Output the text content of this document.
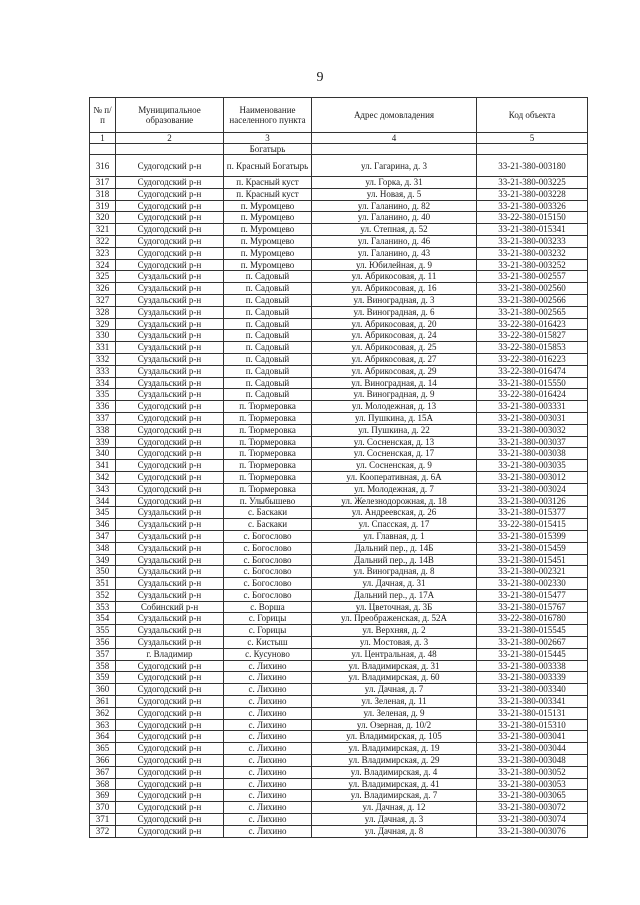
9
№ п/п	Муниципальное образование	Наименование населенного пункта	Адрес домовладения	Код объекта
1	2	3	4	5
		Богатырь		
316	Судогодский р-н	п. Красный Богатырь	ул. Гагарина, д. 3	33-21-380-003180
317	Судогодский р-н	п. Красный куст	ул. Горка, д. 31	33-21-380-003225
318	Судогодский р-н	п. Красный куст	ул. Новая, д. 5	33-21-380-003228
319	Судогодский р-н	п. Муромцево	ул. Галанино, д. 82	33-21-380-003326
320	Судогодский р-н	п. Муромцево	ул. Галанино, д. 40	33-22-380-015150
321	Судогодский р-н	п. Муромцево	ул. Степная, д. 52	33-21-380-015341
322	Судогодский р-н	п. Муромцево	ул. Галанино, д. 46	33-21-380-003233
323	Судогодский р-н	п. Муромцево	ул. Галанино, д. 43	33-21-380-003232
324	Судогодский р-н	п. Муромцево	ул. Юбилейная, д. 9	33-21-380-003252
325	Суздальский р-н	п. Садовый	ул. Абрикосовая, д. 11	33-21-380-002557
326	Суздальский р-н	п. Садовый	ул. Абрикосовая, д. 16	33-21-380-002560
327	Суздальский р-н	п. Садовый	ул. Виноградная, д. 3	33-21-380-002566
328	Суздальский р-н	п. Садовый	ул. Виноградная, д. 6	33-21-380-002565
329	Суздальский р-н	п. Садовый	ул. Абрикосовая, д. 20	33-22-380-016423
330	Суздальский р-н	п. Садовый	ул. Абрикосовая, д. 24	33-22-380-015827
331	Суздальский р-н	п. Садовый	ул. Абрикосовая, д. 25	33-22-380-015853
332	Суздальский р-н	п. Садовый	ул. Абрикосовая, д. 27	33-22-380-016223
333	Суздальский р-н	п. Садовый	ул. Абрикосовая, д. 29	33-22-380-016474
334	Суздальский р-н	п. Садовый	ул. Виноградная, д. 14	33-21-380-015550
335	Суздальский р-н	п. Садовый	ул. Виноградная, д. 9	33-22-380-016424
336	Судогодский р-н	п. Тюрмеровка	ул. Молодежная, д. 13	33-21-380-003331
337	Судогодский р-н	п. Тюрмеровка	ул. Пушкина, д. 15А	33-21-380-003031
338	Судогодский р-н	п. Тюрмеровка	ул. Пушкина, д. 22	33-21-380-003032
339	Судогодский р-н	п. Тюрмеровка	ул. Сосненская, д. 13	33-21-380-003037
340	Судогодский р-н	п. Тюрмеровка	ул. Сосненская, д. 17	33-21-380-003038
341	Судогодский р-н	п. Тюрмеровка	ул. Сосненская, д. 9	33-21-380-003035
342	Судогодский р-н	п. Тюрмеровка	ул. Кооперативная, д. 6А	33-21-380-003012
343	Судогодский р-н	п. Тюрмеровка	ул. Молодежная, д. 7	33-21-380-003024
344	Судогодский р-н	п. Улыбышево	ул. Железнодорожная, д. 18	33-21-380-003126
345	Суздальский р-н	с. Баскаки	ул. Андреевская, д. 26	33-21-380-015377
346	Суздальский р-н	с. Баскаки	ул. Спасская, д. 17	33-22-380-015415
347	Суздальский р-н	с. Богослово	ул. Главная, д. 1	33-21-380-015399
348	Суздальский р-н	с. Богослово	Дальний пер., д. 14Б	33-21-380-015459
349	Суздальский р-н	с. Богослово	Дальний пер., д. 14В	33-21-380-015451
350	Суздальский р-н	с. Богослово	ул. Виноградная, д. 8	33-21-380-002321
351	Суздальский р-н	с. Богослово	ул. Дачная, д. 31	33-21-380-002330
352	Суздальский р-н	с. Богослово	Дальний пер., д. 17А	33-21-380-015477
353	Собинский р-н	с. Ворша	ул. Цветочная, д. 3Б	33-21-380-015767
354	Суздальский р-н	с. Горицы	ул. Преображенская, д. 52А	33-22-380-016780
355	Суздальский р-н	с. Горицы	ул. Верхняя, д. 2	33-21-380-015545
356	Суздальский р-н	с. Кистыш	ул. Мостовая, д. 3	33-21-380-002667
357	г. Владимир	с. Кусуново	ул. Центральная, д. 48	33-21-380-015445
358	Судогодский р-н	с. Лихино	ул. Владимирская, д. 31	33-21-380-003338
359	Судогодский р-н	с. Лихино	ул. Владимирская, д. 60	33-21-380-003339
360	Судогодский р-н	с. Лихино	ул. Дачная, д. 7	33-21-380-003340
361	Судогодский р-н	с. Лихино	ул. Зеленая, д. 11	33-21-380-003341
362	Судогодский р-н	с. Лихино	ул. Зеленая, д. 9	33-21-380-015131
363	Судогодский р-н	с. Лихино	ул. Озерная, д. 10/2	33-21-380-015310
364	Судогодский р-н	с. Лихино	ул. Владимирская, д. 105	33-21-380-003041
365	Судогодский р-н	с. Лихино	ул. Владимирская, д. 19	33-21-380-003044
366	Судогодский р-н	с. Лихино	ул. Владимирская, д. 29	33-21-380-003048
367	Судогодский р-н	с. Лихино	ул. Владимирская, д. 4	33-21-380-003052
368	Судогодский р-н	с. Лихино	ул. Владимирская, д. 41	33-21-380-003053
369	Судогодский р-н	с. Лихино	ул. Владимирская, д. 7	33-21-380-003065
370	Судогодский р-н	с. Лихино	ул. Дачная, д. 12	33-21-380-003072
371	Судогодский р-н	с. Лихино	ул. Дачная, д. 3	33-21-380-003074
372	Судогодский р-н	с. Лихино	ул. Дачная, д. 8	33-21-380-003076
